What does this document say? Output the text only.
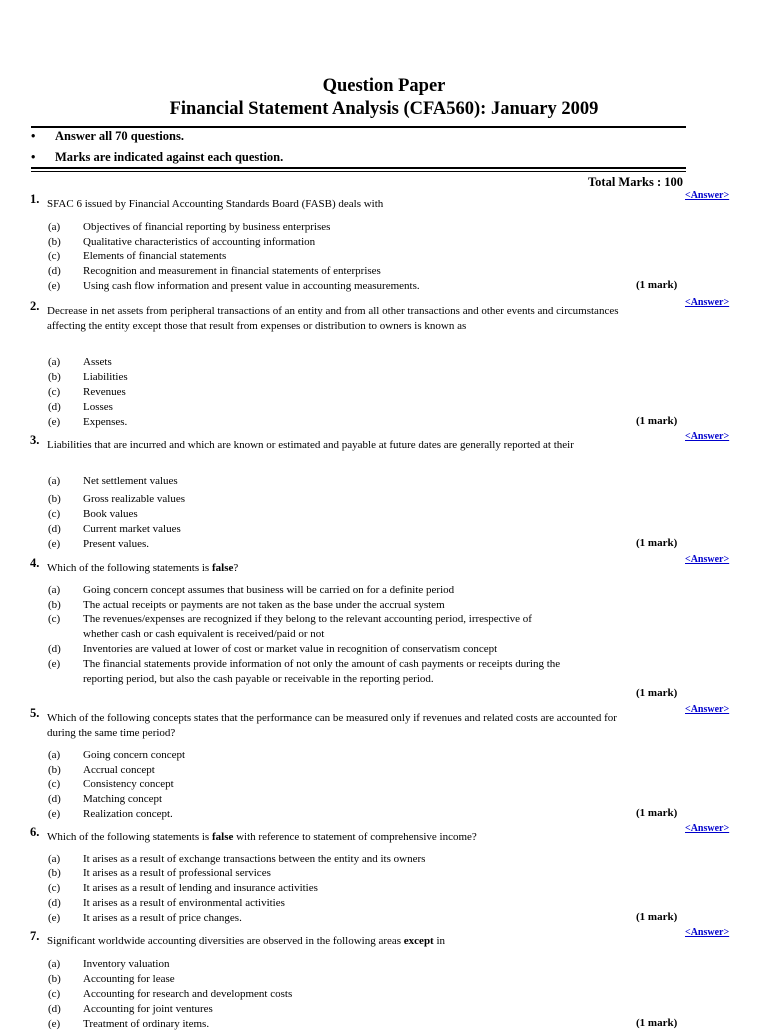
Question Paper
Financial Statement Analysis (CFA560): January 2009
• Answer all 70 questions.
• Marks are indicated against each question.
Total Marks : 100
1.	<Answer>
SFAC 6 issued by Financial Accounting Standards Board (FASB) deals with
(a) Objectives of financial reporting by business enterprises
(b) Qualitative characteristics of accounting information
(c) Elements of financial statements
(d) Recognition and measurement in financial statements of enterprises
(e) Using cash flow information and present value in accounting measurements.	(1 mark)
2.	<Answer>
Decrease in net assets from peripheral transactions of an entity and from all other transactions and other events and circumstances affecting the entity except those that result from expenses or distribution to owners is known as
(a) Assets
(b) Liabilities
(c) Revenues
(d) Losses
(e) Expenses.	(1 mark)
3.	<Answer>
Liabilities that are incurred and which are known or estimated and payable at future dates are generally reported at their
(a) Net settlement values
(b) Gross realizable values
(c) Book values
(d) Current market values
(e) Present values.	(1 mark)
4.	<Answer>
Which of the following statements is false?
(a) Going concern concept assumes that business will be carried on for a definite period
(b) The actual receipts or payments are not taken as the base under the accrual system
(c) The revenues/expenses are recognized if they belong to the relevant accounting period, irrespective of whether cash or cash equivalent is received/paid or not
(d) Inventories are valued at lower of cost or market value in recognition of conservatism concept
(e) The financial statements provide information of not only the amount of cash payments or receipts during the reporting period, but also the cash payable or receivable in the reporting period.
(1 mark)
5.	<Answer>
Which of the following concepts states that the performance can be measured only if revenues and related costs are accounted for during the same time period?
(a) Going concern concept
(b) Accrual concept
(c) Consistency concept
(d) Matching concept
(e) Realization concept.	(1 mark)
6.	<Answer>
Which of the following statements is false with reference to statement of comprehensive income?
(a) It arises as a result of exchange transactions between the entity and its owners
(b) It arises as a result of professional services
(c) It arises as a result of lending and insurance activities
(d) It arises as a result of environmental activities
(e) It arises as a result of price changes.	(1 mark)
7.	<Answer>
Significant worldwide accounting diversities are observed in the following areas except in
(a) Inventory valuation
(b) Accounting for lease
(c) Accounting for research and development costs
(d) Accounting for joint ventures
(e) Treatment of ordinary items.	(1 mark)
